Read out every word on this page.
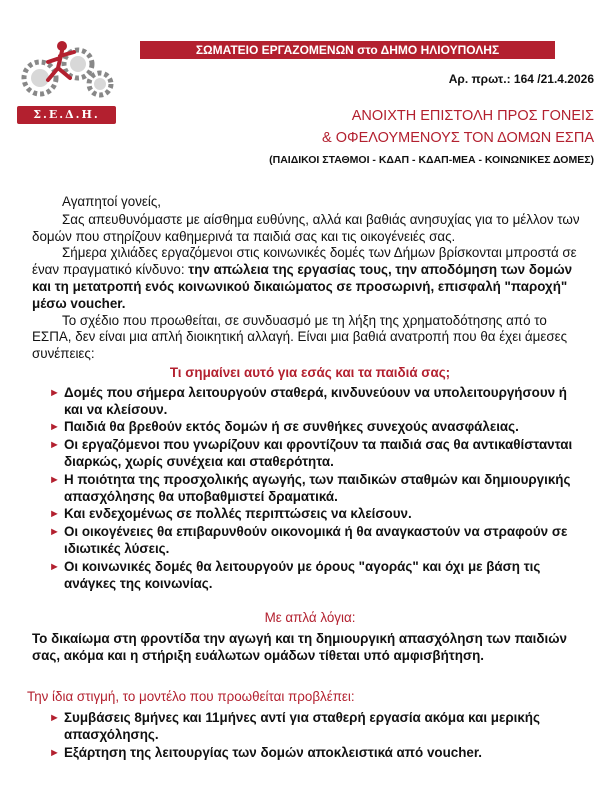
Σ.Ε.Δ.Η.
ΣΩΜΑΤΕΙΟ ΕΡΓΑΖΟΜΕΝΩΝ στο ΔΗΜΟ ΗΛΙΟΥΠΟΛΗΣ
Αρ. πρωτ.: 164 /21.4.2026
ΑΝΟΙΧΤΗ ΕΠΙΣΤΟΛΗ ΠΡΟΣ ΓΟΝΕΙΣ
& ΟΦΕΛΟΥΜΕΝΟΥΣ ΤΟΝ ΔΟΜΩΝ ΕΣΠΑ
(ΠΑΙΔΙΚΟΙ ΣΤΑΘΜΟΙ - ΚΔΑΠ - ΚΔΑΠ-ΜΕΑ - ΚΟΙΝΩΝΙΚΕΣ ΔΟΜΕΣ)

Αγαπητοί γονείς,

Σας απευθυνόμαστε με αίσθημα ευθύνης, αλλά και βαθιάς ανησυχίας για το μέλλον των δομών που στηρίζουν καθημερινά τα παιδιά σας και τις οικογένειές σας.

Σήμερα χιλιάδες εργαζόμενοι στις κοινωνικές δομές των Δήμων βρίσκονται μπροστά σε έναν πραγματικό κίνδυνο: την απώλεια της εργασίας τους, την αποδόμηση των δομών και τη μετατροπή ενός κοινωνικού δικαιώματος σε προσωρινή, επισφαλή "παροχή" μέσω voucher.

Το σχέδιο που προωθείται, σε συνδυασμό με τη λήξη της χρηματοδότησης από το ΕΣΠΑ, δεν είναι μια απλή διοικητική αλλαγή. Είναι μια βαθιά ανατροπή που θα έχει άμεσες συνέπειες:

Τι σημαίνει αυτό για εσάς και τα παιδιά σας;
► Δομές που σήμερα λειτουργούν σταθερά, κινδυνεύουν να υπολειτουργήσουν ή και να κλείσουν.
► Παιδιά θα βρεθούν εκτός δομών ή σε συνθήκες συνεχούς ανασφάλειας.
► Οι εργαζόμενοι που γνωρίζουν και φροντίζουν τα παιδιά σας θα αντικαθίστανται διαρκώς, χωρίς συνέχεια και σταθερότητα.
► Η ποιότητα της προσχολικής αγωγής, των παιδικών σταθμών και δημιουργικής απασχόλησης θα υποβαθμιστεί δραματικά.
► Και ενδεχομένως σε πολλές περιπτώσεις να κλείσουν.
► Οι οικογένειες θα επιβαρυνθούν οικονομικά ή θα αναγκαστούν να στραφούν σε ιδιωτικές λύσεις.
► Οι κοινωνικές δομές θα λειτουργούν με όρους "αγοράς" και όχι με βάση τις ανάγκες της κοινωνίας.
Με απλά λόγια:
Το δικαίωμα στη φροντίδα την αγωγή και τη δημιουργική απασχόληση των παιδιών σας, ακόμα και η στήριξη ευάλωτων ομάδων τίθεται υπό αμφισβήτηση.
Την ίδια στιγμή, το μοντέλο που προωθείται προβλέπει:
► Συμβάσεις 8μήνες και 11μήνες αντί για σταθερή εργασία ακόμα και μερικής απασχόλησης.
► Εξάρτηση της λειτουργίας των δομών αποκλειστικά από voucher.
